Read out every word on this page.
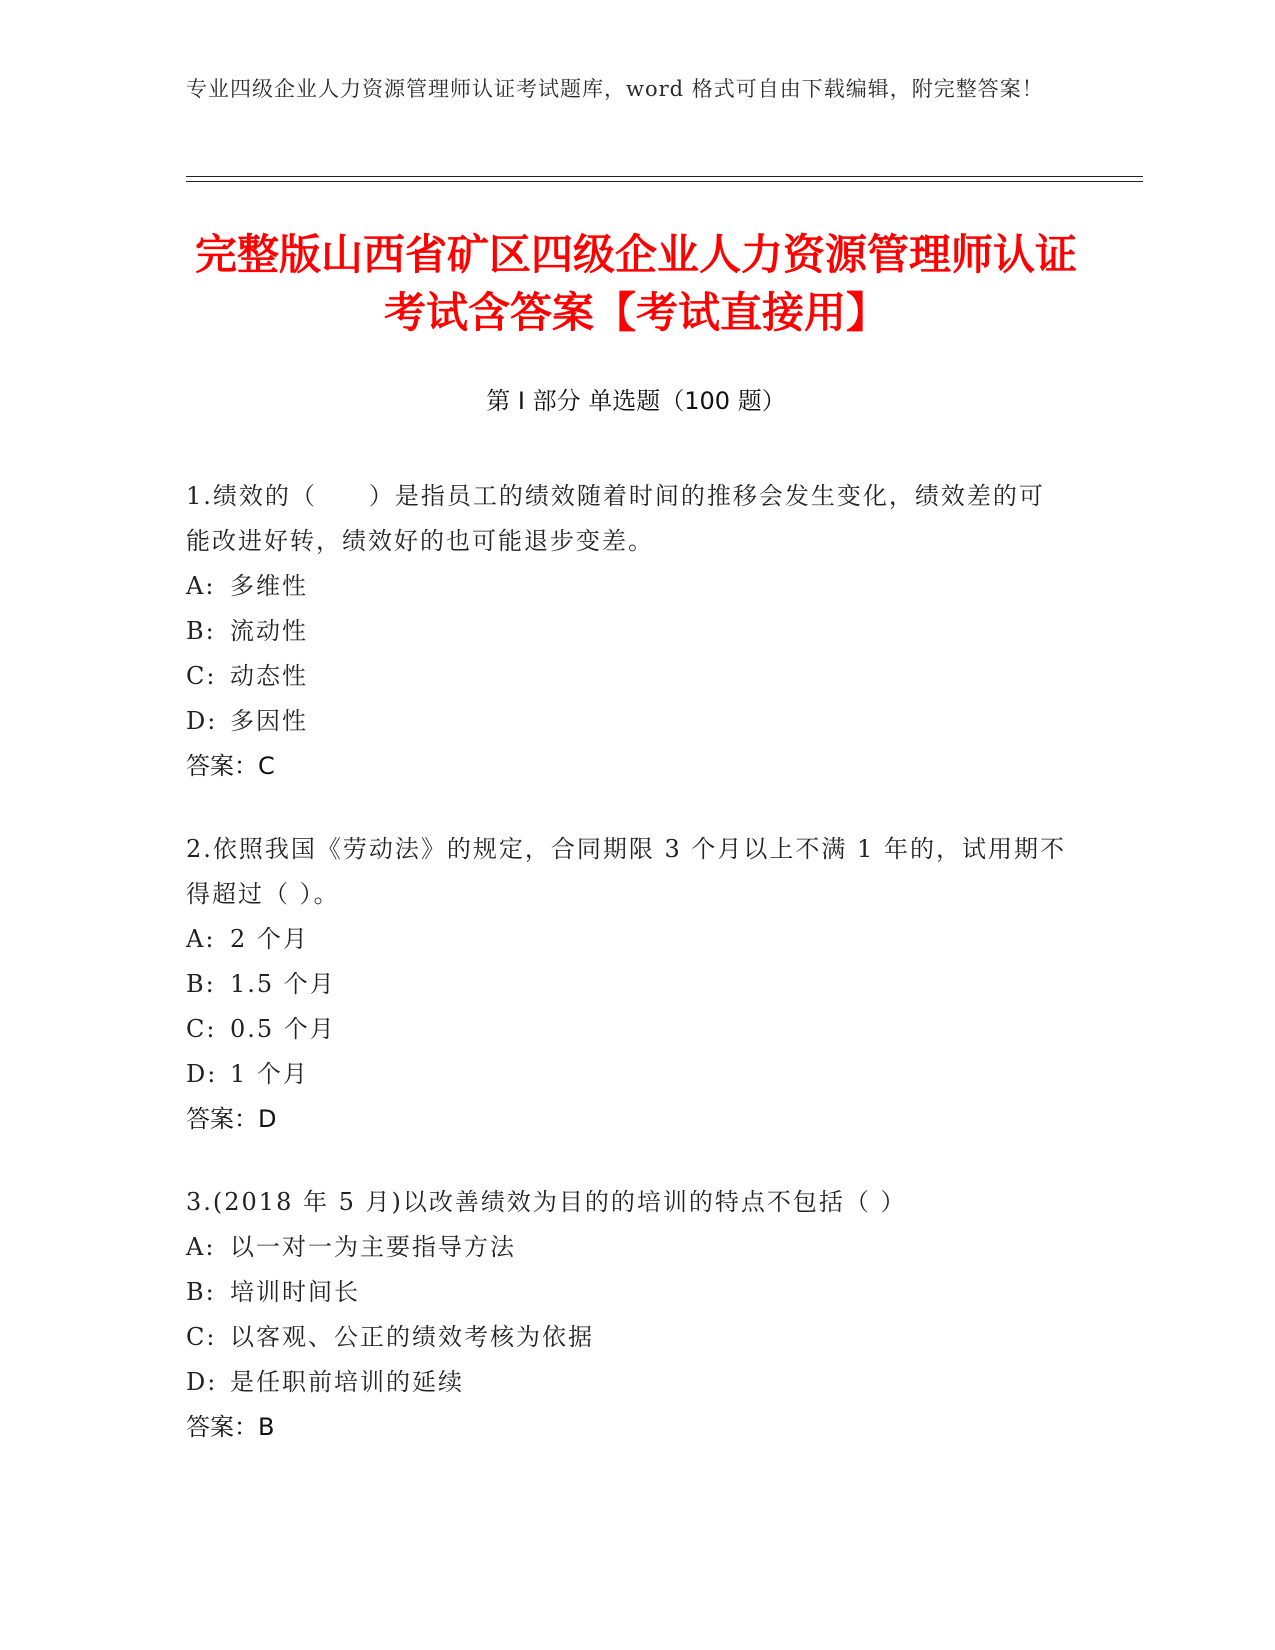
专业四级企业人力资源管理师认证考试题库，word 格式可自由下载编辑，附完整答案！
完整版山西省矿区四级企业人力资源管理师认证考试含答案【考试直接用】
第 I 部分 单选题（100 题）
1.绩效的（　　）是指员工的绩效随着时间的推移会发生变化，绩效差的可能改进好转，绩效好的也可能退步变差。
A: 多维性
B: 流动性
C: 动态性
D: 多因性
答案：C
2.依照我国《劳动法》的规定，合同期限 3 个月以上不满 1 年的，试用期不得超过（ ）。
A: 2 个月
B: 1.5 个月
C: 0.5 个月
D: 1 个月
答案：D
3.(2018 年 5 月)以改善绩效为目的的培训的特点不包括（ ）
A: 以一对一为主要指导方法
B: 培训时间长
C: 以客观、公正的绩效考核为依据
D: 是任职前培训的延续
答案：B
